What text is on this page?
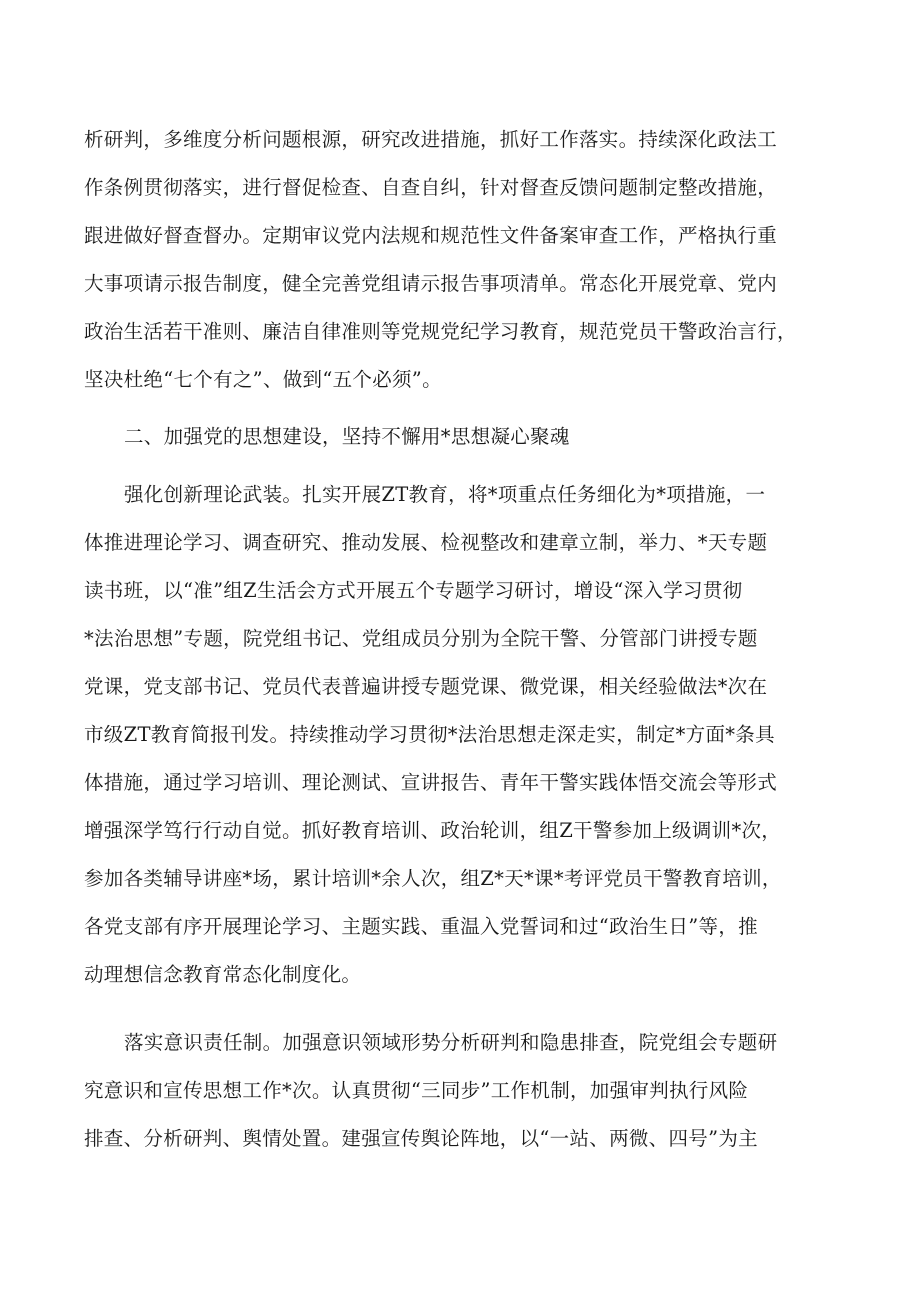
析研判，多维度分析问题根源，研究改进措施，抓好工作落实。持续深化政法工
作条例贯彻落实，进行督促检查、自查自纠，针对督查反馈问题制定整改措施，
跟进做好督查督办。定期审议党内法规和规范性文件备案审查工作，严格执行重
大事项请示报告制度，健全完善党组请示报告事项清单。常态化开展党章、党内
政治生活若干准则、廉洁自律准则等党规党纪学习教育，规范党员干警政治言行，
坚决杜绝“七个有之”、做到“五个必须”。
二、加强党的思想建设，坚持不懈用*思想凝心聚魂
强化创新理论武装。扎实开展ZT教育，将*项重点任务细化为*项措施，一
体推进理论学习、调查研究、推动发展、检视整改和建章立制，举力、*天专题
读书班，以“准”组Z生活会方式开展五个专题学习研讨，增设“深入学习贯彻
*法治思想”专题，院党组书记、党组成员分别为全院干警、分管部门讲授专题
党课，党支部书记、党员代表普遍讲授专题党课、微党课，相关经验做法*次在
市级ZT教育简报刊发。持续推动学习贯彻*法治思想走深走实，制定*方面*条具
体措施，通过学习培训、理论测试、宣讲报告、青年干警实践体悟交流会等形式
增强深学笃行行动自觉。抓好教育培训、政治轮训，组Z干警参加上级调训*次，
参加各类辅导讲座*场，累计培训*余人次，组Z*天*课*考评党员干警教育培训，
各党支部有序开展理论学习、主题实践、重温入党誓词和过“政治生日”等，推
动理想信念教育常态化制度化。
落实意识责任制。加强意识领域形势分析研判和隐患排查，院党组会专题研
究意识和宣传思想工作*次。认真贯彻“三同步”工作机制，加强审判执行风险
排查、分析研判、舆情处置。建强宣传舆论阵地，以“一站、两微、四号”为主
